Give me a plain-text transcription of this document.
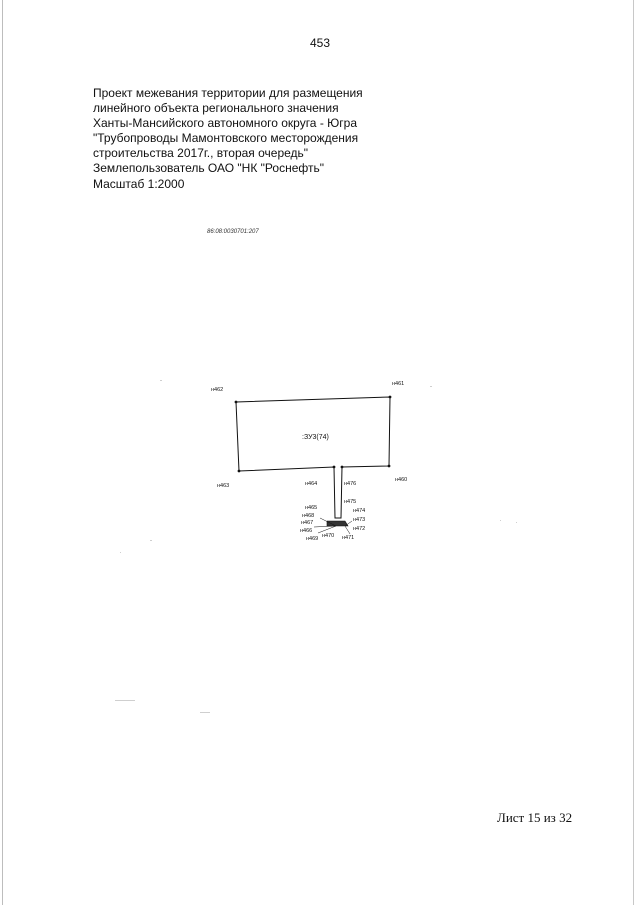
453
Проект межевания территории для размещения
линейного объекта регионального значения
Ханты-Мансийского автономного округа - Югра
"Трубопроводы Мамонтовского месторождения
строительства 2017г., вторая очередь"
Землепользователь ОАО "НК "Роснефть"
Масштаб 1:2000
86:08:0030701:207
:ЗУ3(74)
н462
н461
н463	н464	н476
н460
н475
н474
н473
н472
н471
н470
н469
н466
н467
н468
н465
Лист 15 из 32
